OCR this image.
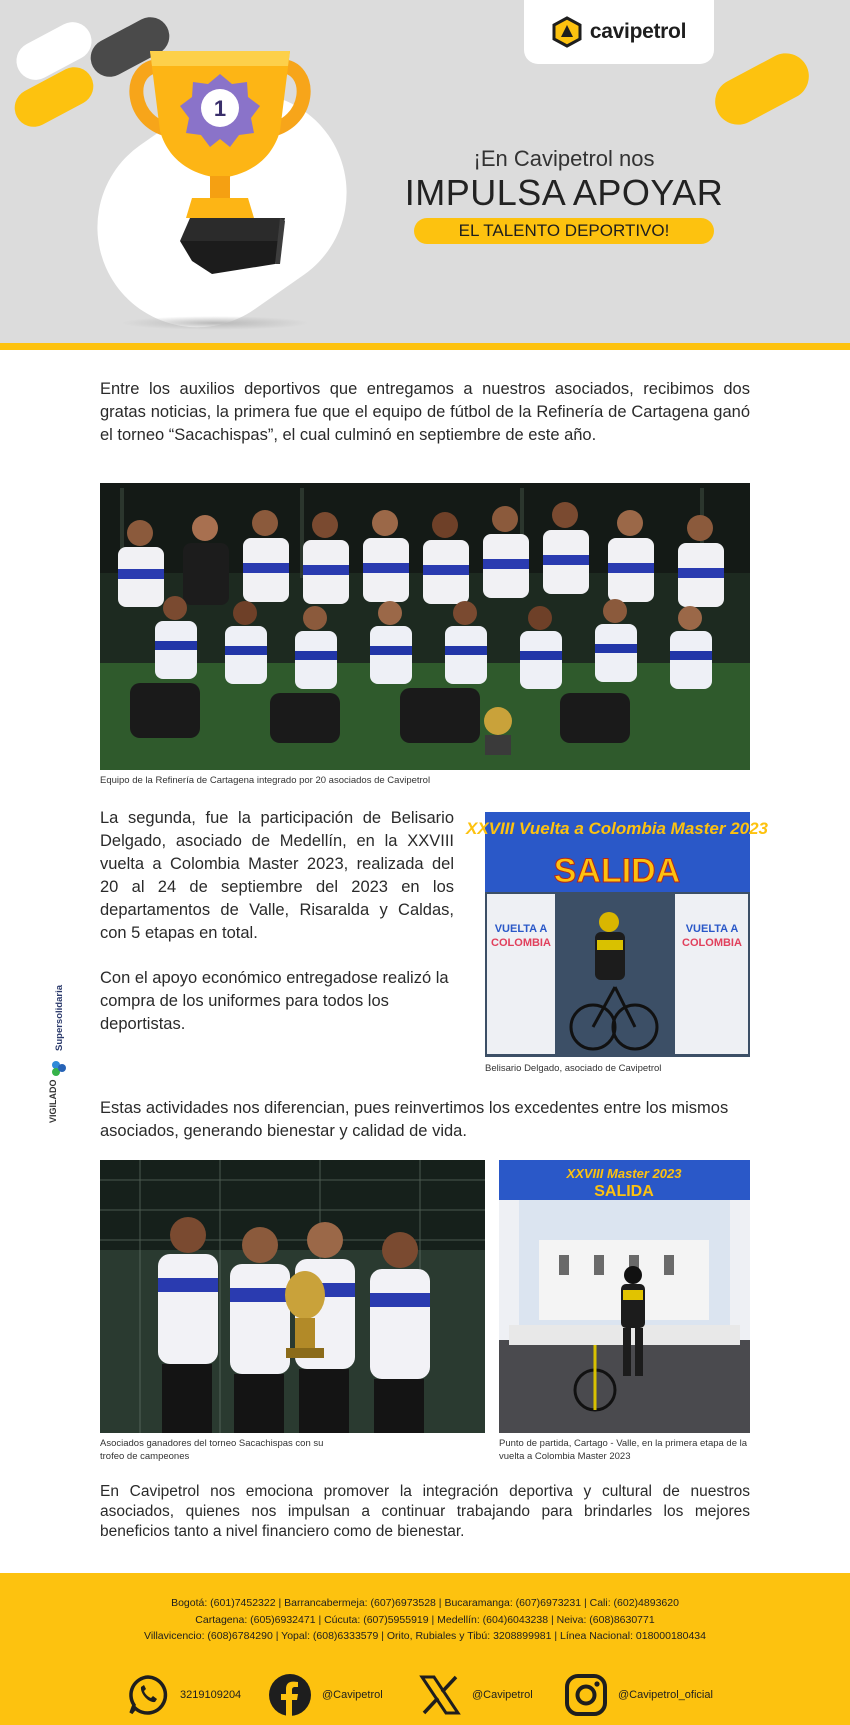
1
cavipetrol
¡En Cavipetrol nos
IMPULSA APOYAR
EL TALENTO DEPORTIVO!

Entre los auxilios deportivos que entregamos a nuestros asociados, recibimos dos gratas noticias, la primera fue que el equipo de fútbol de la Refinería de Cartagena ganó el torneo “Sacachispas”, el cual culminó en septiembre de este año.

Equipo de la Refinería de Cartagena integrado por 20 asociados de Cavipetrol

La segunda, fue la participación de Belisario Delgado, asociado de Medellín, en la XXVIII vuelta a Colombia Master 2023, realizada del 20 al 24 de septiembre del 2023 en los departamentos de Valle, Risaralda y Caldas, con 5 etapas en total.

Con el apoyo económico entregadose realizó la compra de los uniformes para todos los deportistas.

XXVIII Vuelta a Colombia Master 2023
SALIDA
VUELTA A
COLOMBIA
VUELTA A
COLOMBIA
Belisario Delgado, asociado de Cavipetrol
VIGILADO
Supersolidaria

Estas actividades nos diferencian, pues reinvertimos los excedentes entre los mismos asociados, generando bienestar y calidad de vida.

Asociados ganadores del torneo Sacachispas con su trofeo de campeones
XXVIII Master 2023
SALIDA
Punto de partida, Cartago - Valle, en la primera etapa de la vuelta a Colombia Master 2023

En Cavipetrol nos emociona promover la integración deportiva y cultural de nuestros asociados, quienes nos impulsan a continuar trabajando para brindarles los mejores beneficios tanto a nivel financiero como de bienestar.

Bogotá: (601)7452322 | Barrancabermeja: (607)6973528 | Bucaramanga: (607)6973231 | Cali: (602)4893620
Cartagena: (605)6932471 | Cúcuta: (607)5955919 | Medellín: (604)6043238 | Neiva: (608)8630771
Villavicencio: (608)6784290 | Yopal: (608)6333579 | Orito, Rubiales y Tibú: 3208899981 | Línea Nacional: 018000180434
3219109204	@Cavipetrol	@Cavipetrol	@Cavipetrol_oficial
